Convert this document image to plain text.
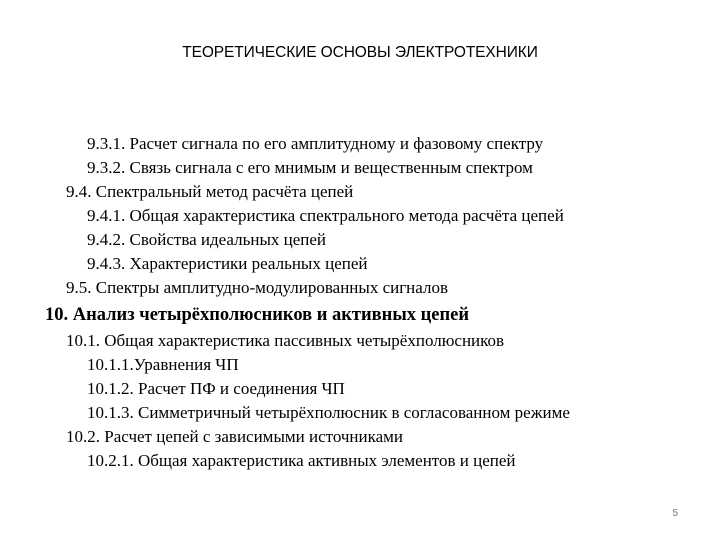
ТЕОРЕТИЧЕСКИЕ ОСНОВЫ ЭЛЕКТРОТЕХНИКИ
9.3.1. Расчет сигнала по его амплитудному и фазовому спектру
9.3.2. Связь сигнала с его мнимым и вещественным спектром
9.4. Спектральный метод расчёта цепей
9.4.1. Общая характеристика спектрального метода расчёта цепей
9.4.2. Свойства идеальных цепей
9.4.3. Характеристики реальных цепей
9.5. Спектры амплитудно-модулированных сигналов
10. Анализ четырёхполюсников и активных цепей
10.1. Общая характеристика пассивных четырёхполюсников
10.1.1.Уравнения ЧП
10.1.2. Расчет ПФ и соединения ЧП
10.1.3. Симметричный четырёхполюсник в согласованном режиме
10.2. Расчет цепей с зависимыми источниками
10.2.1. Общая характеристика активных элементов и цепей
5
